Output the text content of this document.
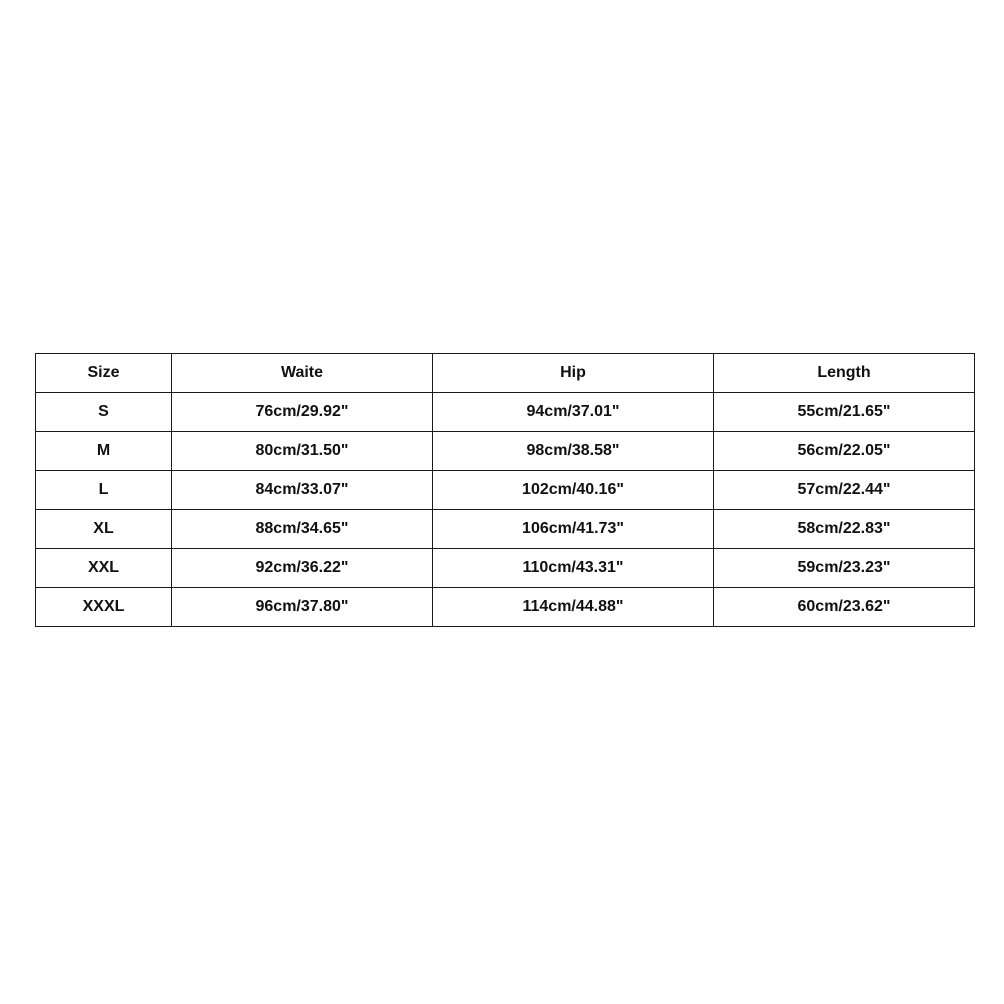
Size	Waite	Hip	Length
S	76cm/29.92"	94cm/37.01"	55cm/21.65"
M	80cm/31.50"	98cm/38.58"	56cm/22.05"
L	84cm/33.07"	102cm/40.16"	57cm/22.44"
XL	88cm/34.65"	106cm/41.73"	58cm/22.83"
XXL	92cm/36.22"	110cm/43.31"	59cm/23.23"
XXXL	96cm/37.80"	114cm/44.88"	60cm/23.62"
